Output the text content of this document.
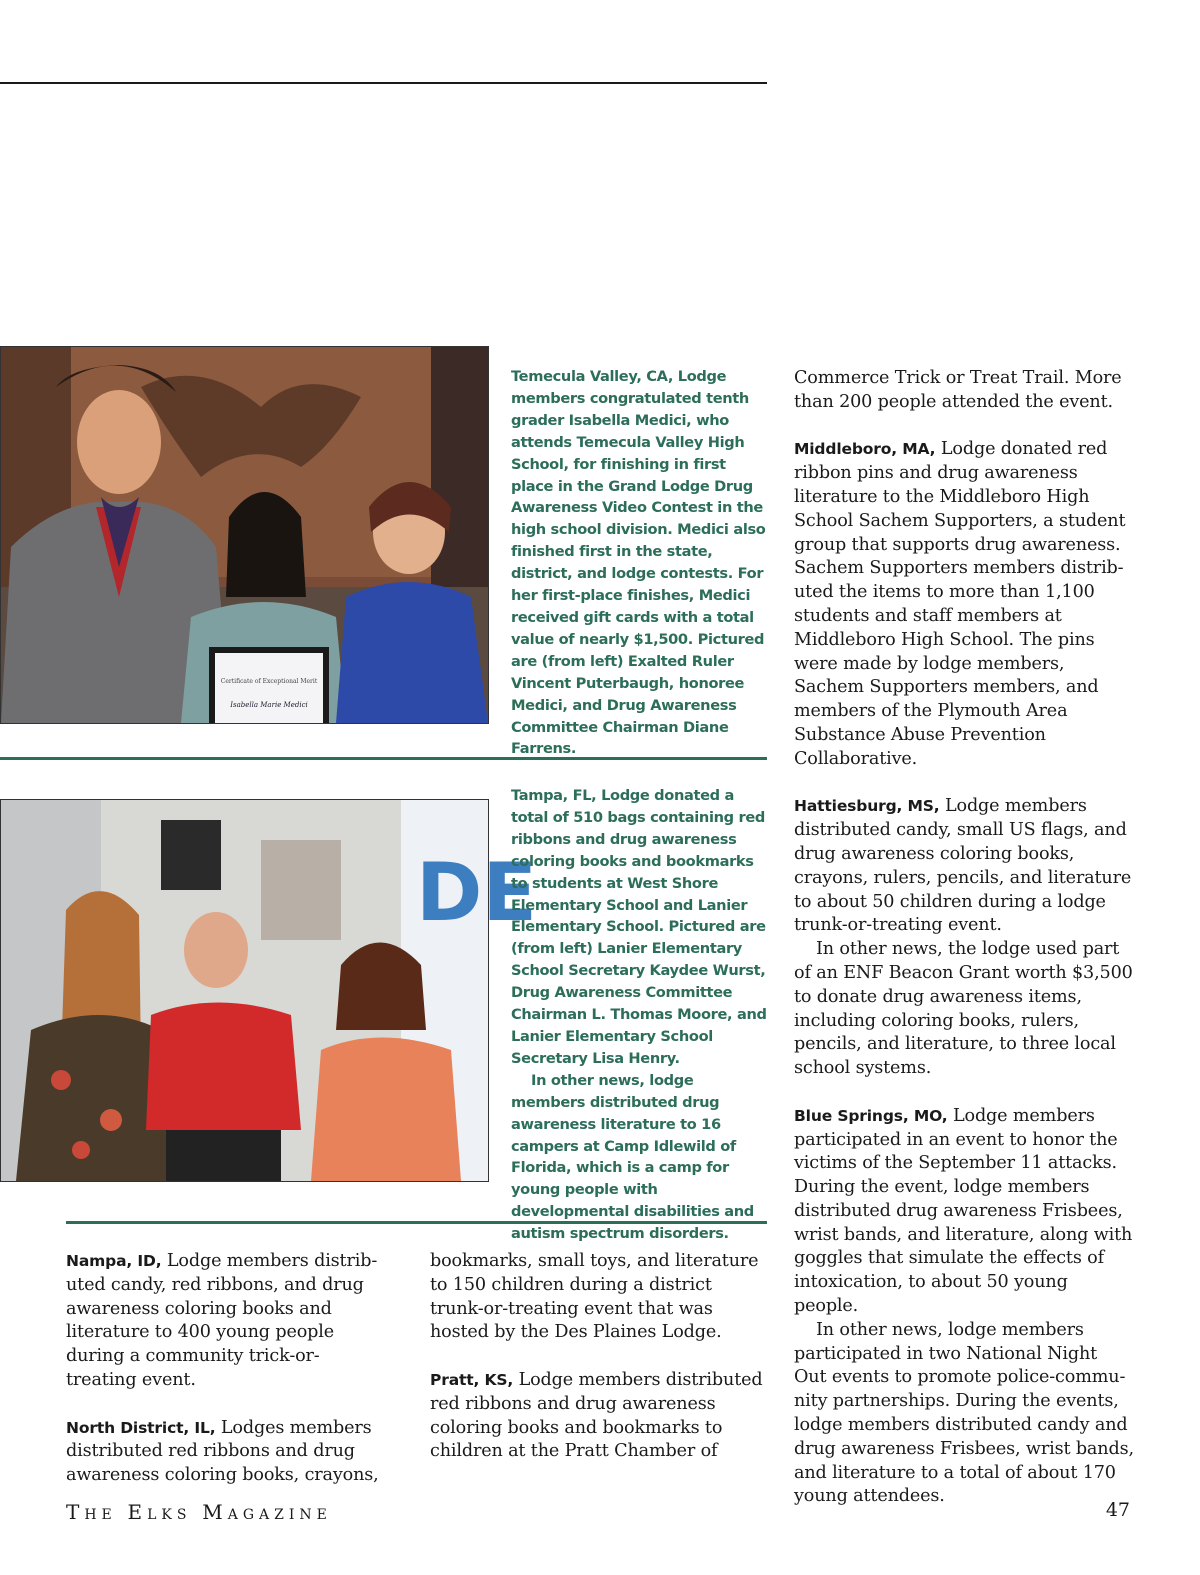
Certificate of Exceptional Merit
Isabella Marie Medici

Temecula Valley, CA, Lodge members congratulated tenth grader Isabella Medici, who attends Temecula Valley High School, for finishing in first place in the Grand Lodge Drug Awareness Video Contest in the high school division. Medici also finished first in the state, district, and lodge contests. For her first-place finishes, Medici received gift cards with a total value of nearly $1,500. Pictured are (from left) Exalted Ruler Vincent Puterbaugh, honoree Medici, and Drug Awareness Committee Chairman Diane Farrens.

DE

Tampa, FL, Lodge donated a total of 510 bags containing red ribbons and drug awareness coloring books and bookmarks to students at West Shore Elementary School and Lanier Elementary School. Pictured are (from left) Lanier Elementary School Secretary Kaydee Wurst, Drug Awareness Committee Chairman L. Thomas Moore, and Lanier Elementary School Secretary Lisa Henry.

In other news, lodge members distributed drug awareness literature to 16 campers at Camp Idlewild of Florida, which is a camp for young people with developmental disabilities and autism spectrum disorders.

Commerce Trick or Treat Trail. More than 200 people attended the event.

Middleboro, MA, Lodge donated red ribbon pins and drug awareness literature to the Middleboro High School Sachem Supporters, a student group that supports drug awareness. Sachem Supporters members distributed the items to more than 1,100 students and staff members at Middleboro High School. The pins were made by lodge members, Sachem Supporters members, and members of the Plymouth Area Substance Abuse Prevention Collaborative.

Hattiesburg, MS, Lodge members distributed candy, small US flags, and drug awareness coloring books, crayons, rulers, pencils, and literature to about 50 children during a lodge trunk-or-treating event.

In other news, the lodge used part of an ENF Beacon Grant worth $3,500 to donate drug awareness items, including coloring books, rulers, pencils, and literature, to three local school systems.

Blue Springs, MO, Lodge members participated in an event to honor the victims of the September 11 attacks. During the event, lodge members distributed drug awareness Frisbees, wrist bands, and literature, along with goggles that simulate the effects of intoxication, to about 50 young people.

In other news, lodge members participated in two National Night Out events to promote police-community partnerships. During the events, lodge members distributed candy and drug awareness Frisbees, wrist bands, and literature to a total of about 170 young attendees.

Nampa, ID, Lodge members distributed candy, red ribbons, and drug awareness coloring books and literature to 400 young people during a community trick-or-treating event.

North District, IL, Lodges members distributed red ribbons and drug awareness coloring books, crayons,

bookmarks, small toys, and literature to 150 children during a district trunk-or-treating event that was hosted by the Des Plaines Lodge.

Pratt, KS, Lodge members distributed red ribbons and drug awareness coloring books and bookmarks to children at the Pratt Chamber of

THE ELKS MAGAZINE	47
